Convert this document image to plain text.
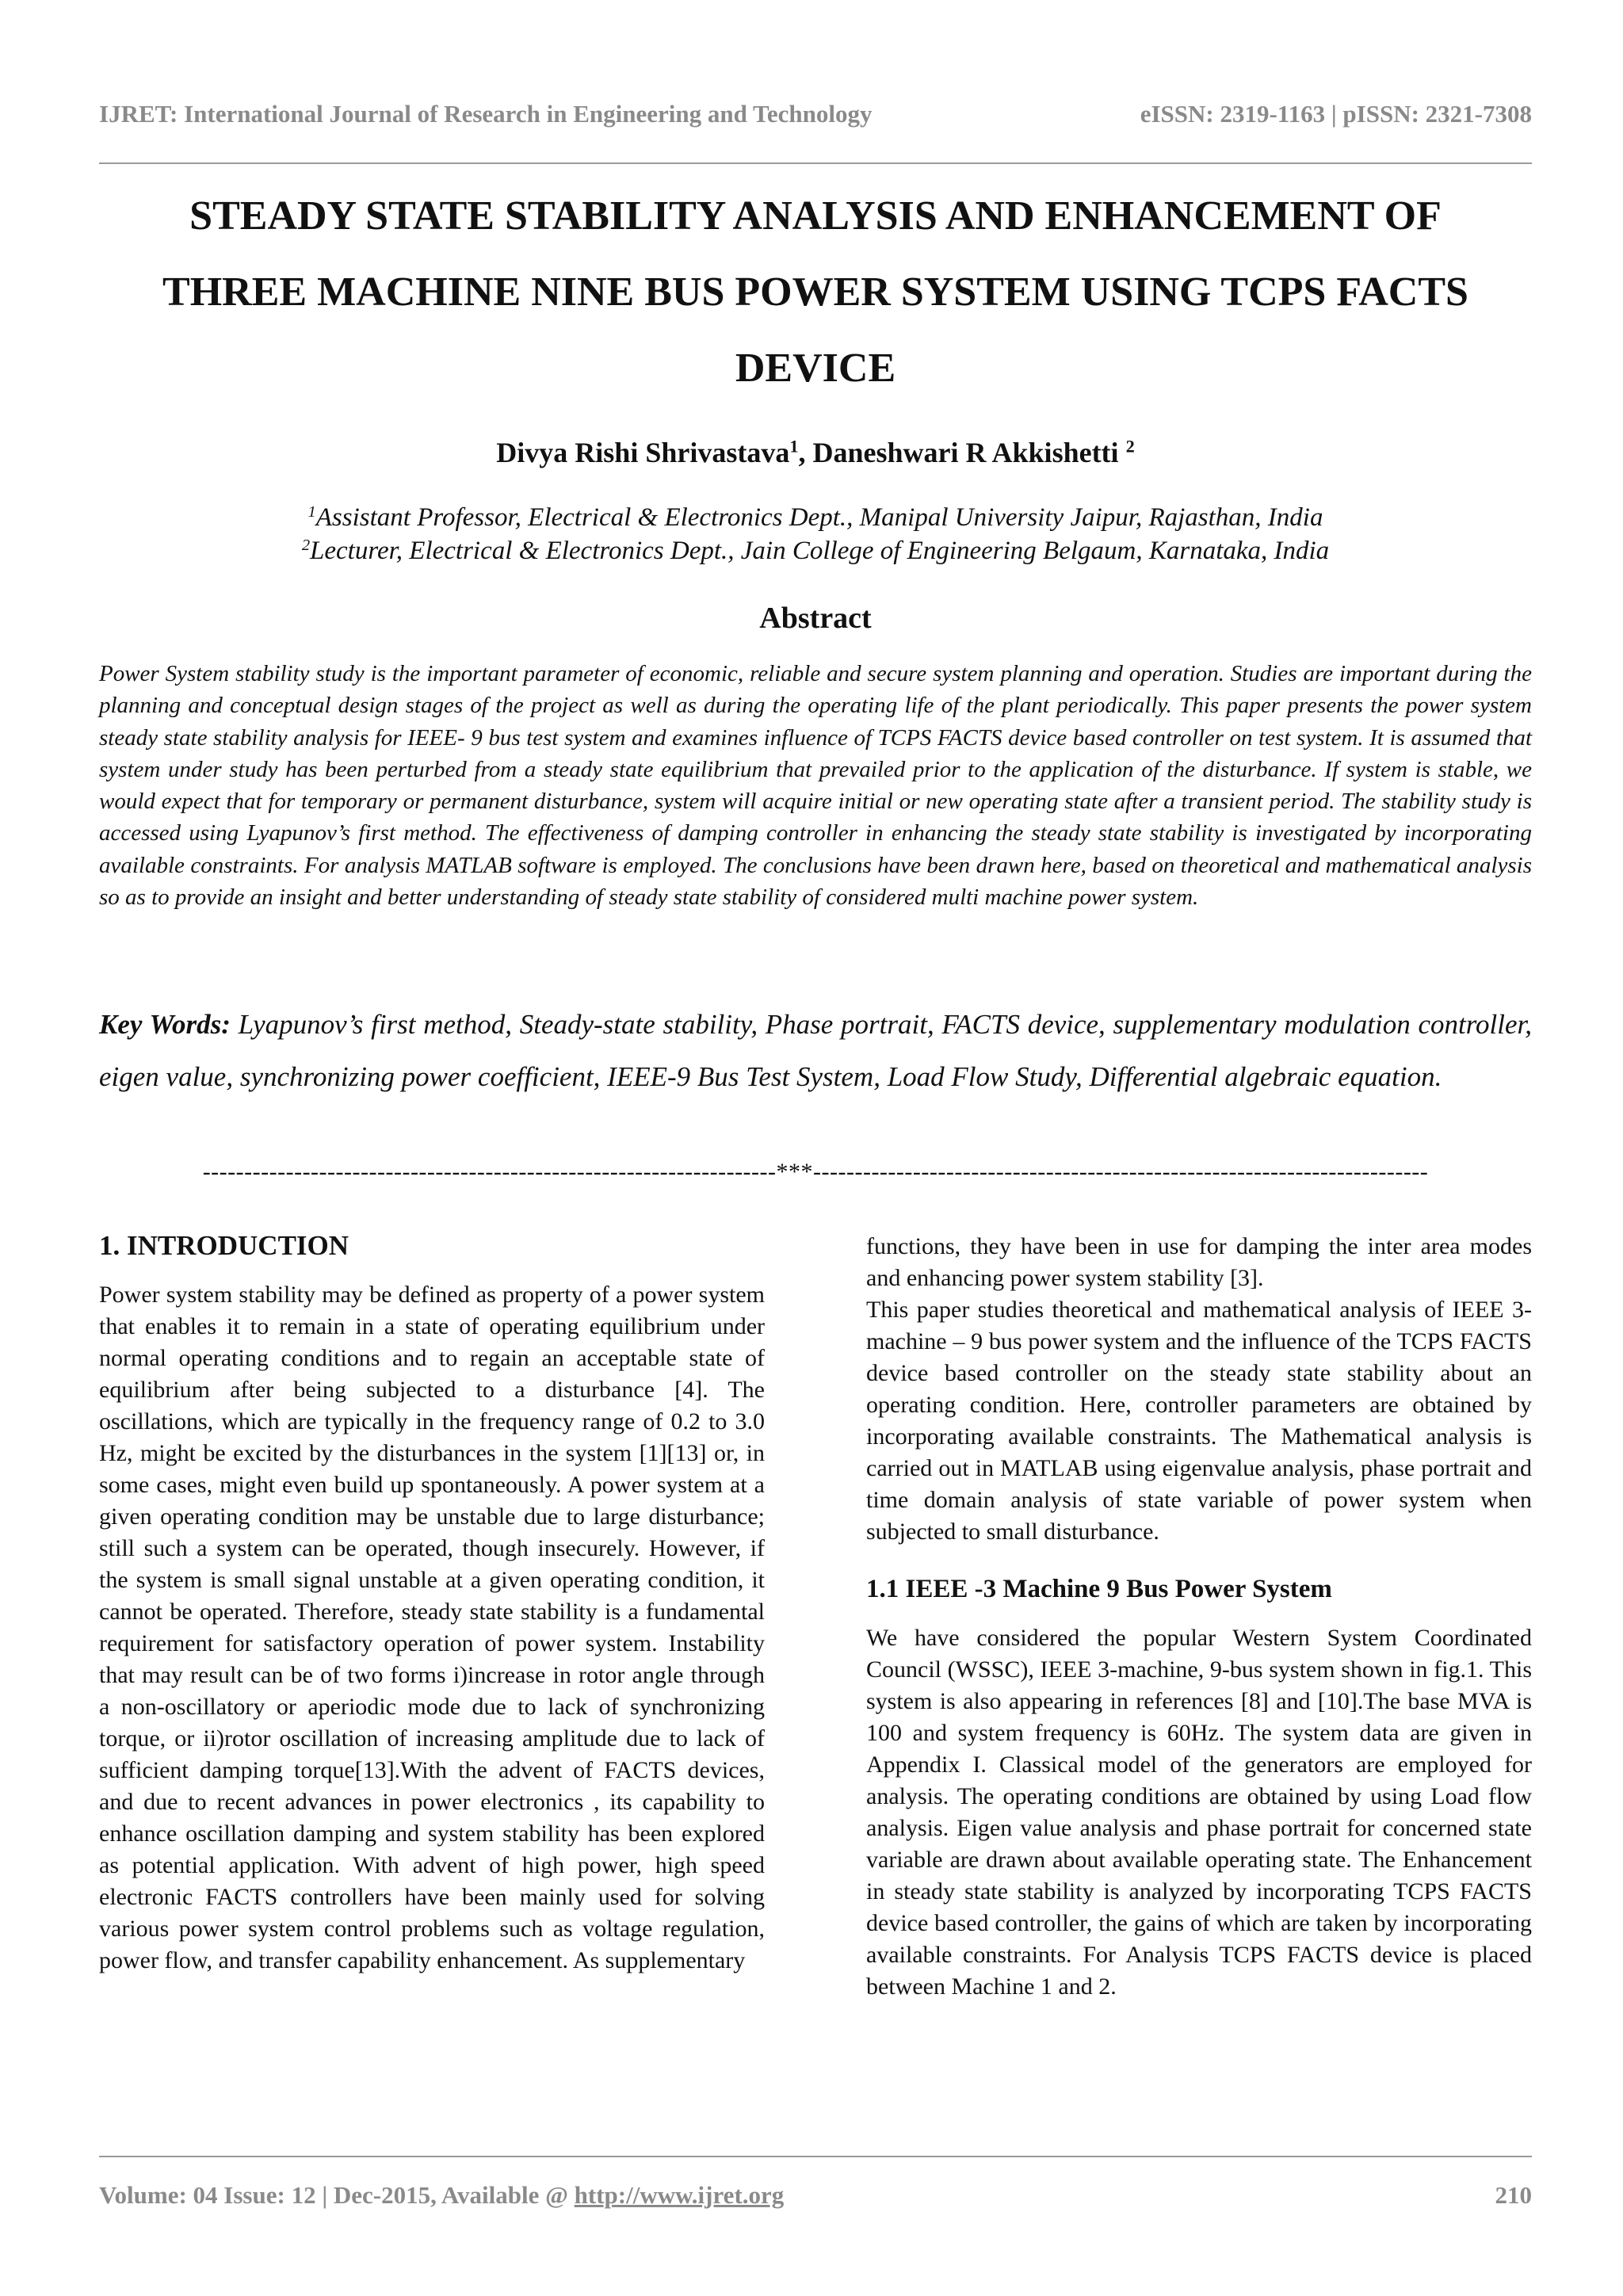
IJRET: International Journal of Research in Engineering and Technology	eISSN: 2319-1163 | pISSN: 2321-7308
STEADY STATE STABILITY ANALYSIS AND ENHANCEMENT OF
THREE MACHINE NINE BUS POWER SYSTEM USING TCPS FACTS
DEVICE
Divya Rishi Shrivastava$^1$, Daneshwari R Akkishetti $^2$
$^1$Assistant Professor, Electrical & Electronics Dept., Manipal University Jaipur, Rajasthan, India
$^2$Lecturer, Electrical & Electronics Dept., Jain College of Engineering Belgaum, Karnataka, India
Abstract
Power System stability study is the important parameter of economic, reliable and secure system planning and operation. Studies are important during the planning and conceptual design stages of the project as well as during the operating life of the plant periodically. This paper presents the power system steady state stability analysis for IEEE- 9 bus test system and examines influence of TCPS FACTS device based controller on test system. It is assumed that system under study has been perturbed from a steady state equilibrium that prevailed prior to the application of the disturbance. If system is stable, we would expect that for temporary or permanent disturbance, system will acquire initial or new operating state after a transient period. The stability study is accessed using Lyapunov’s first method. The effectiveness of damping controller in enhancing the steady state stability is investigated by incorporating available constraints. For analysis MATLAB software is employed. The conclusions have been drawn here, based on theoretical and mathematical analysis so as to provide an insight and better understanding of steady state stability of considered multi machine power system.
Key Words: Lyapunov’s first method, Steady-state stability, Phase portrait, FACTS device, supplementary modulation controller, eigen value, synchronizing power coefficient, IEEE-9 Bus Test System, Load Flow Study, Differential algebraic equation.
---------------------------------------------------------------------***--------------------------------------------------------------------------

1. INTRODUCTION

Power system stability may be defined as property of a power system that enables it to remain in a state of operating equilibrium under normal operating conditions and to regain an acceptable state of equilibrium after being subjected to a disturbance [4]. The oscillations, which are typically in the frequency range of 0.2 to 3.0 Hz, might be excited by the disturbances in the system [1][13] or, in some cases, might even build up spontaneously. A power system at a given operating condition may be unstable due to large disturbance; still such a system can be operated, though insecurely. However, if the system is small signal unstable at a given operating condition, it cannot be operated. Therefore, steady state stability is a fundamental requirement for satisfactory operation of power system. Instability that may result can be of two forms i)increase in rotor angle through a non-oscillatory or aperiodic mode due to lack of synchronizing torque, or ii)rotor oscillation of increasing amplitude due to lack of sufficient damping torque[13].With the advent of FACTS devices, and due to recent advances in power electronics , its capability to enhance oscillation damping and system stability has been explored as potential application. With advent of high power, high speed electronic FACTS controllers have been mainly used for solving various power system control problems such as voltage regulation, power flow, and transfer capability enhancement. As supplementary

functions, they have been in use for damping the inter area modes and enhancing power system stability [3].

This paper studies theoretical and mathematical analysis of IEEE 3- machine – 9 bus power system and the influence of the TCPS FACTS device based controller on the steady state stability about an operating condition. Here, controller parameters are obtained by incorporating available constraints. The Mathematical analysis is carried out in MATLAB using eigenvalue analysis, phase portrait and time domain analysis of state variable of power system when subjected to small disturbance.

1.1 IEEE -3 Machine 9 Bus Power System

We have considered the popular Western System Coordinated Council (WSSC), IEEE 3-machine, 9-bus system shown in fig.1. This system is also appearing in references [8] and [10].The base MVA is 100 and system frequency is 60Hz. The system data are given in Appendix I. Classical model of the generators are employed for analysis. The operating conditions are obtained by using Load flow analysis. Eigen value analysis and phase portrait for concerned state variable are drawn about available operating state. The Enhancement in steady state stability is analyzed by incorporating TCPS FACTS device based controller, the gains of which are taken by incorporating available constraints. For Analysis TCPS FACTS device is placed between Machine 1 and 2.

Volume: 04 Issue: 12 | Dec-2015, Available @ http://www.ijret.org	210
